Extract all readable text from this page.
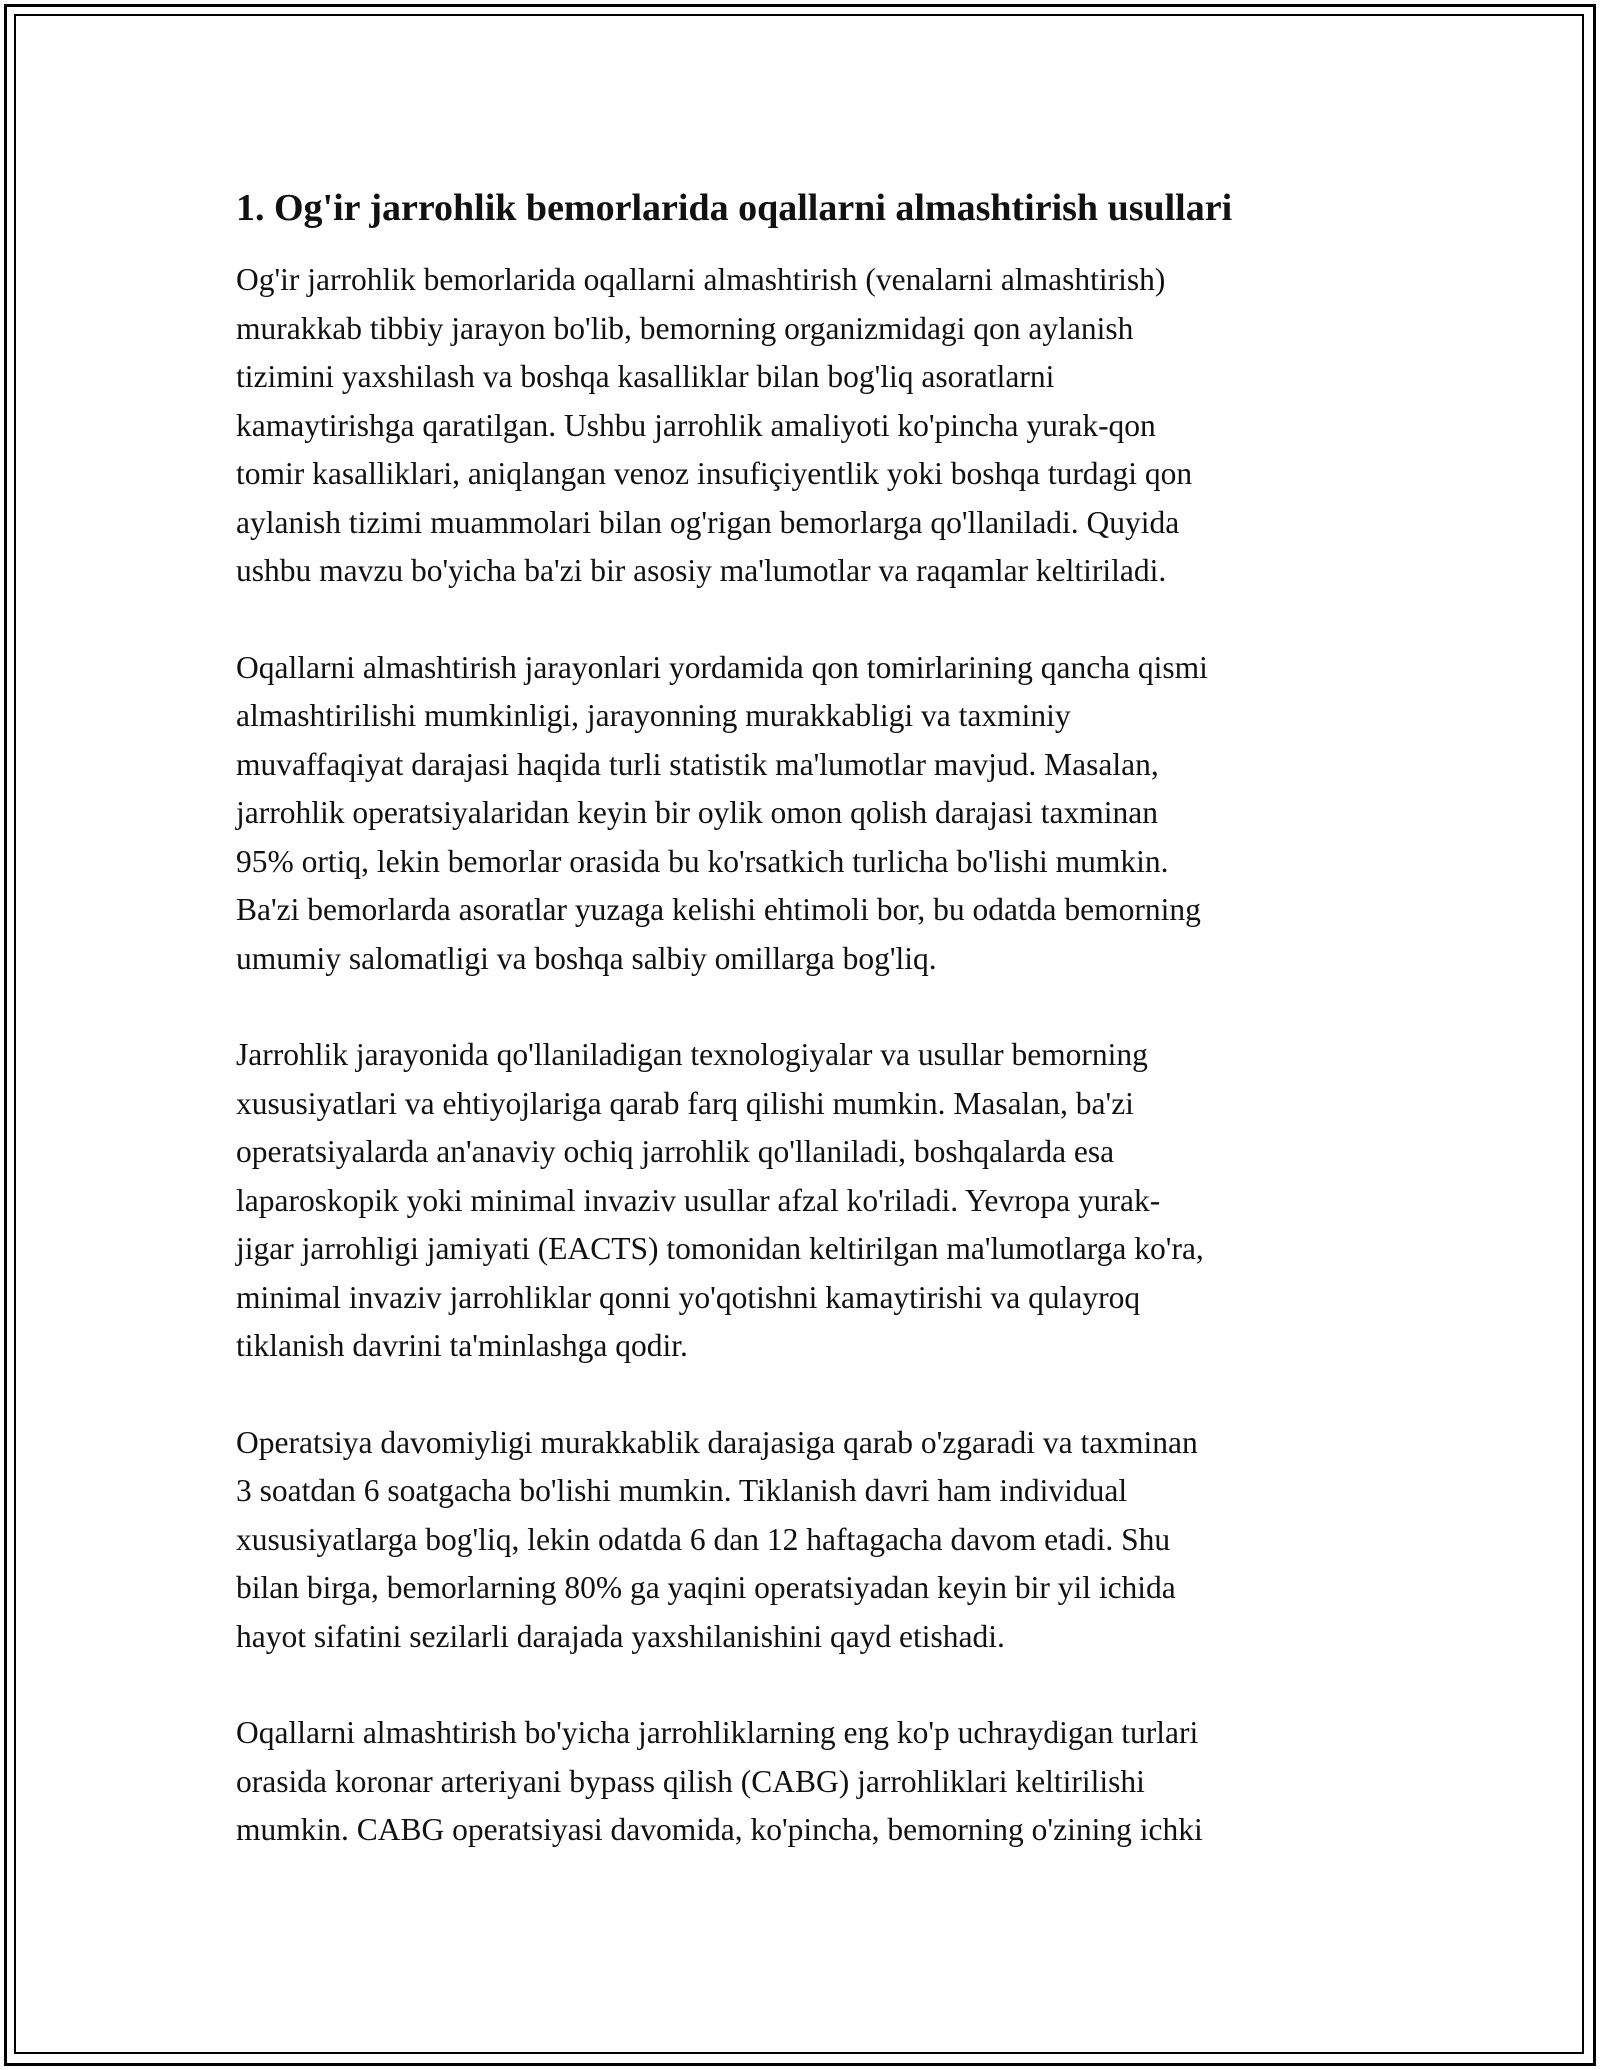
1. Og'ir jarrohlik bemorlarida oqallarni almashtirish usullari

Og'ir jarrohlik bemorlarida oqallarni almashtirish (venalarni almashtirish)
murakkab tibbiy jarayon bo'lib, bemorning organizmidagi qon aylanish
tizimini yaxshilash va boshqa kasalliklar bilan bog'liq asoratlarni
kamaytirishga qaratilgan. Ushbu jarrohlik amaliyoti ko'pincha yurak-qon
tomir kasalliklari, aniqlangan venoz insufiçiyentlik yoki boshqa turdagi qon
aylanish tizimi muammolari bilan og'rigan bemorlarga qo'llaniladi. Quyida
ushbu mavzu bo'yicha ba'zi bir asosiy ma'lumotlar va raqamlar keltiriladi.

Oqallarni almashtirish jarayonlari yordamida qon tomirlarining qancha qismi
almashtirilishi mumkinligi, jarayonning murakkabligi va taxminiy
muvaffaqiyat darajasi haqida turli statistik ma'lumotlar mavjud. Masalan,
jarrohlik operatsiyalaridan keyin bir oylik omon qolish darajasi taxminan
95% ortiq, lekin bemorlar orasida bu ko'rsatkich turlicha bo'lishi mumkin.
Ba'zi bemorlarda asoratlar yuzaga kelishi ehtimoli bor, bu odatda bemorning
umumiy salomatligi va boshqa salbiy omillarga bog'liq.

Jarrohlik jarayonida qo'llaniladigan texnologiyalar va usullar bemorning
xususiyatlari va ehtiyojlariga qarab farq qilishi mumkin. Masalan, ba'zi
operatsiyalarda an'anaviy ochiq jarrohlik qo'llaniladi, boshqalarda esa
laparoskopik yoki minimal invaziv usullar afzal ko'riladi. Yevropa yurak-
jigar jarrohligi jamiyati (EACTS) tomonidan keltirilgan ma'lumotlarga ko'ra,
minimal invaziv jarrohliklar qonni yo'qotishni kamaytirishi va qulayroq
tiklanish davrini ta'minlashga qodir.

Operatsiya davomiyligi murakkablik darajasiga qarab o'zgaradi va taxminan
3 soatdan 6 soatgacha bo'lishi mumkin. Tiklanish davri ham individual
xususiyatlarga bog'liq, lekin odatda 6 dan 12 haftagacha davom etadi. Shu
bilan birga, bemorlarning 80% ga yaqini operatsiyadan keyin bir yil ichida
hayot sifatini sezilarli darajada yaxshilanishini qayd etishadi.

Oqallarni almashtirish bo'yicha jarrohliklarning eng ko'p uchraydigan turlari
orasida koronar arteriyani bypass qilish (CABG) jarrohliklari keltirilishi
mumkin. CABG operatsiyasi davomida, ko'pincha, bemorning o'zining ichki
